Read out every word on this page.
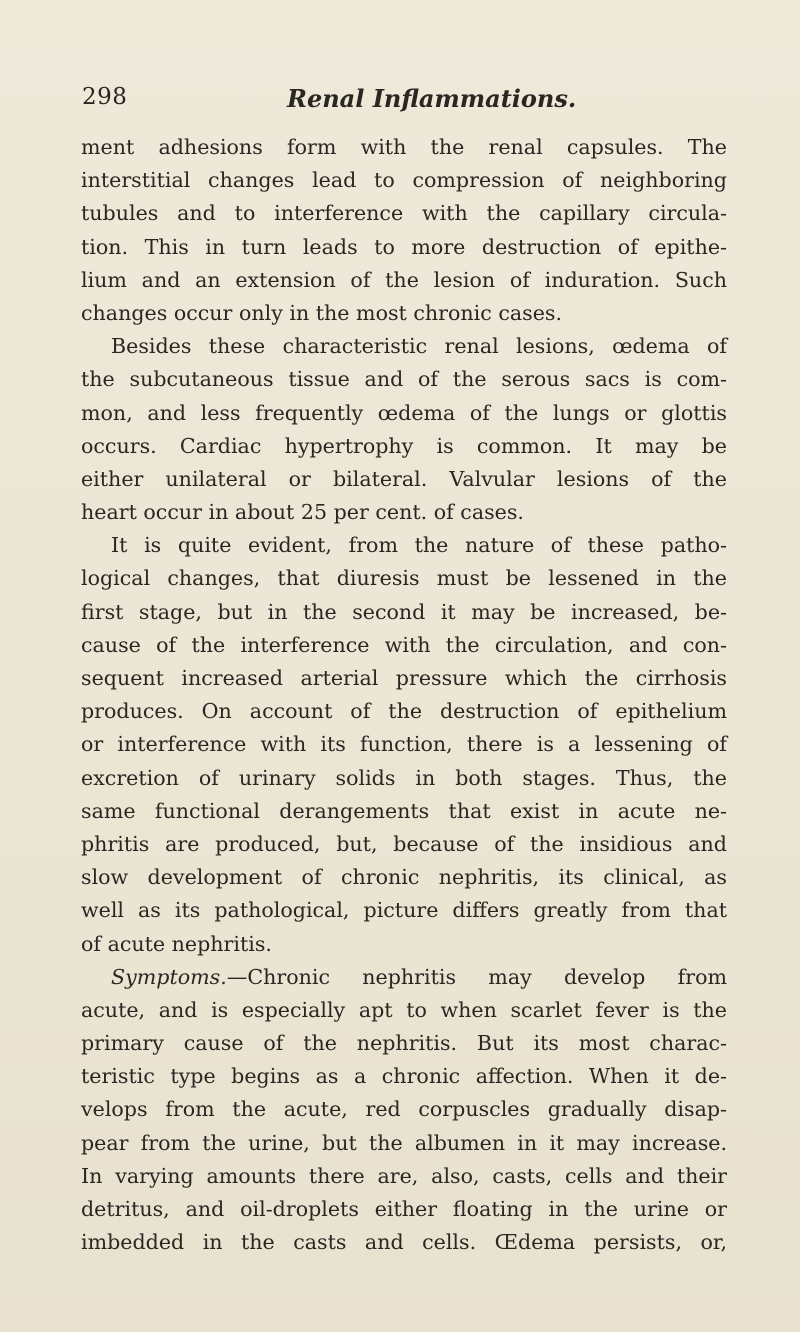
298	Renal Inflammations.
ment adhesions form with the renal capsules. The
interstitial changes lead to compression of neighboring
tubules and to interference with the capillary circula-
tion. This in turn leads to more destruction of epithe-
lium and an extension of the lesion of induration. Such
changes occur only in the most chronic cases.
Besides these characteristic renal lesions, œdema of
the subcutaneous tissue and of the serous sacs is com-
mon, and less frequently œdema of the lungs or glottis
occurs. Cardiac hypertrophy is common. It may be
either unilateral or bilateral. Valvular lesions of the
heart occur in about 25 per cent. of cases.
It is quite evident, from the nature of these patho-
logical changes, that diuresis must be lessened in the
first stage, but in the second it may be increased, be-
cause of the interference with the circulation, and con-
sequent increased arterial pressure which the cirrhosis
produces. On account of the destruction of epithelium
or interference with its function, there is a lessening of
excretion of urinary solids in both stages. Thus, the
same functional derangements that exist in acute ne-
phritis are produced, but, because of the insidious and
slow development of chronic nephritis, its clinical, as
well as its pathological, picture differs greatly from that
of acute nephritis.
Symptoms.—Chronic nephritis may develop from
acute, and is especially apt to when scarlet fever is the
primary cause of the nephritis. But its most charac-
teristic type begins as a chronic affection. When it de-
velops from the acute, red corpuscles gradually disap-
pear from the urine, but the albumen in it may increase.
In varying amounts there are, also, casts, cells and their
detritus, and oil-droplets either floating in the urine or
imbedded in the casts and cells. Œdema persists, or,
